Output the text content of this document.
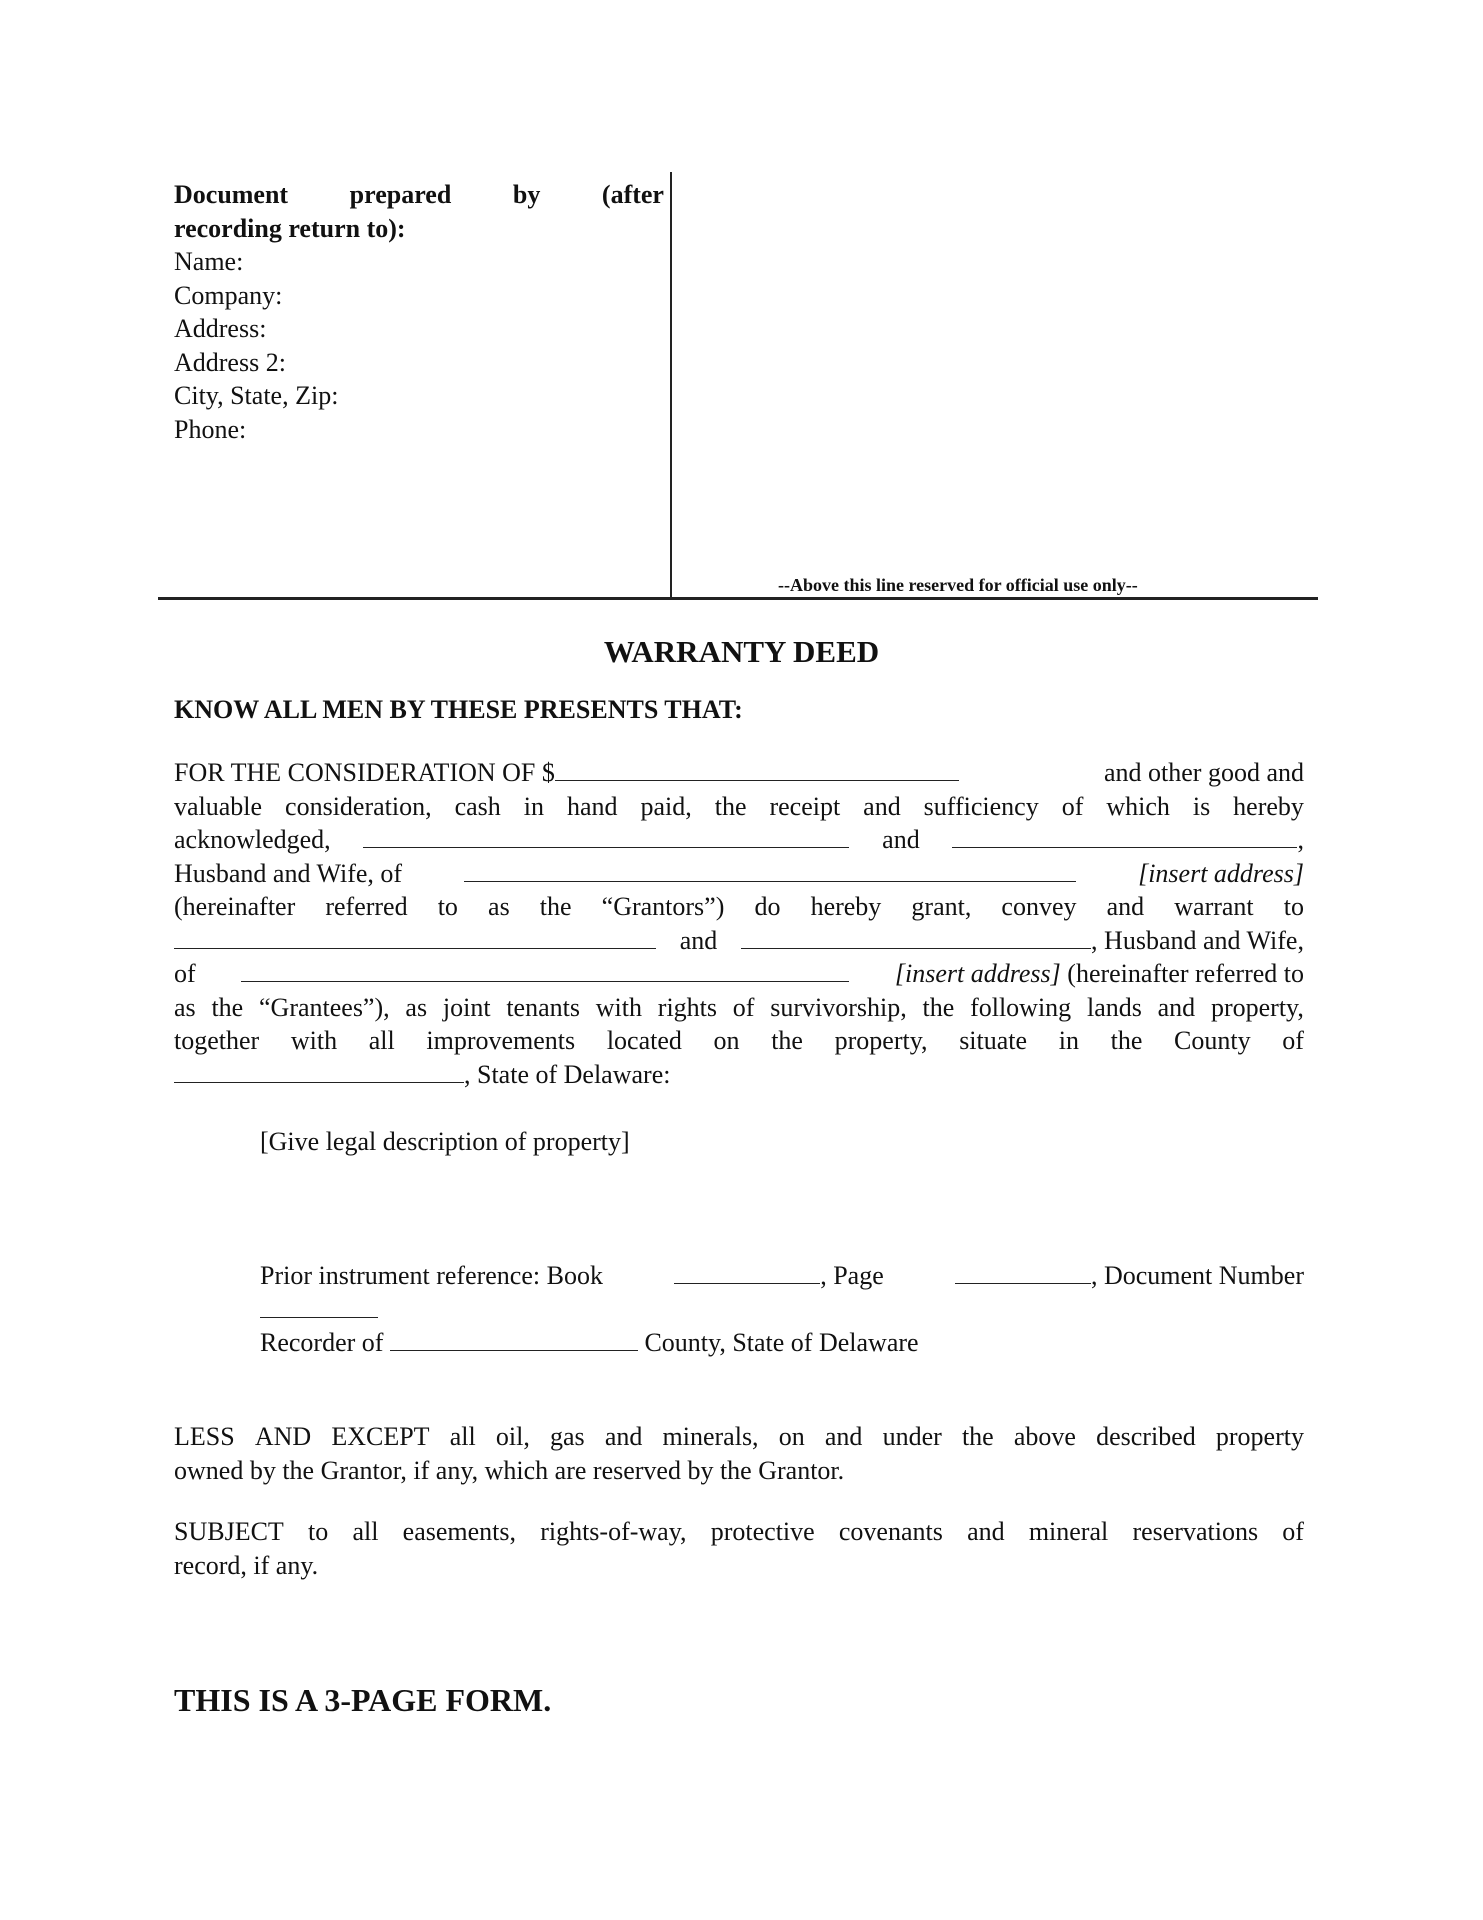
Document prepared by (after
recording return to):
Name:
Company:
Address:
Address 2:
City, State, Zip:
Phone:
--Above this line reserved for official use only--
WARRANTY DEED
KNOW ALL MEN BY THESE PRESENTS THAT:
FOR THE CONSIDERATION OF $	and other good and
valuable consideration, cash in hand paid, the receipt and sufficiency of which is hereby
acknowledged,	and	,
Husband and Wife, of	[insert address]
(hereinafter referred to as the “Grantors”) do hereby grant, convey and warrant to
and	, Husband and Wife,
of	[insert address] (hereinafter referred to
as the “Grantees”), as joint tenants with rights of survivorship, the following lands and property,
together with all improvements located on the property, situate in the County of
, State of Delaware:
[Give legal description of property]
Prior instrument reference: Book	, Page	, Document Number
Recorder of	County, State of Delaware
LESS AND EXCEPT all oil, gas and minerals, on and under the above described property
owned by the Grantor, if any, which are reserved by the Grantor.
SUBJECT to all easements, rights-of-way, protective covenants and mineral reservations of
record, if any.
THIS IS A 3-PAGE FORM.
